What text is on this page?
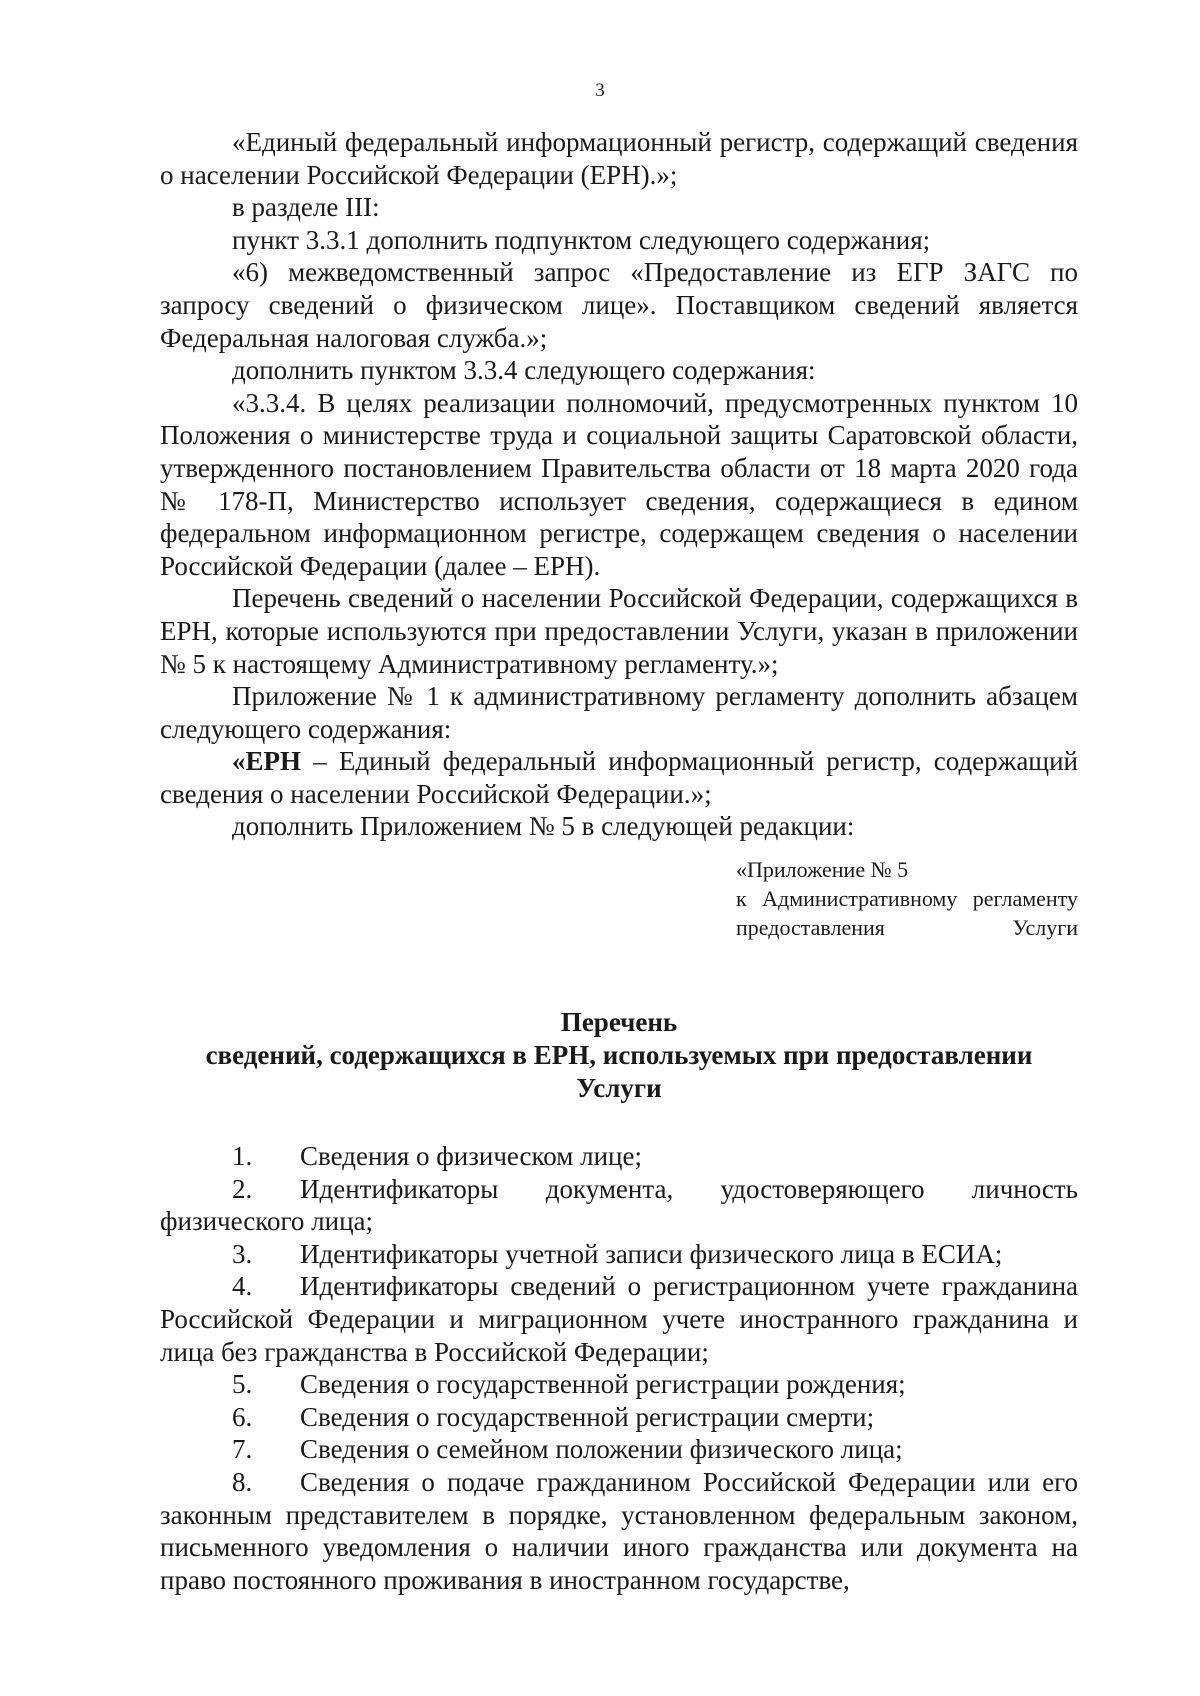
3

«Единый федеральный информационный регистр, содержащий сведения о населении Российской Федерации (ЕРН).»;

в разделе III:

пункт 3.3.1 дополнить подпунктом следующего содержания;

«6) межведомственный запрос «Предоставление из ЕГР ЗАГС по запросу сведений о физическом лице». Поставщиком сведений является Федеральная налоговая служба.»;

дополнить пунктом 3.3.4 следующего содержания:

«3.3.4. В целях реализации полномочий, предусмотренных пунктом 10 Положения о министерстве труда и социальной защиты Саратовской области, утвержденного постановлением Правительства области от 18 марта 2020 года № 178-П, Министерство использует сведения, содержащиеся в едином федеральном информационном регистре, содержащем сведения о населении Российской Федерации (далее – ЕРН).

Перечень сведений о населении Российской Федерации, содержащихся в ЕРН, которые используются при предоставлении Услуги, указан в приложении № 5 к настоящему Административному регламенту.»;

Приложение № 1 к административному регламенту дополнить абзацем следующего содержания:

«ЕРН – Единый федеральный информационный регистр, содержащий сведения о населении Российской Федерации.»;

дополнить Приложением № 5 в следующей редакции:

«Приложение № 5
к Административному регламенту предоставления Услуги

Перечень

сведений, содержащихся в ЕРН, используемых при предоставлении

Услуги

1. Сведения о физическом лице;

2. Идентификаторы документа, удостоверяющего личность физического лица;

3. Идентификаторы учетной записи физического лица в ЕСИА;

4. Идентификаторы сведений о регистрационном учете гражданина Российской Федерации и миграционном учете иностранного гражданина и лица без гражданства в Российской Федерации;

5. Сведения о государственной регистрации рождения;

6. Сведения о государственной регистрации смерти;

7. Сведения о семейном положении физического лица;

8. Сведения о подаче гражданином Российской Федерации или его законным представителем в порядке, установленном федеральным законом, письменного уведомления о наличии иного гражданства или документа на право постоянного проживания в иностранном государстве,
